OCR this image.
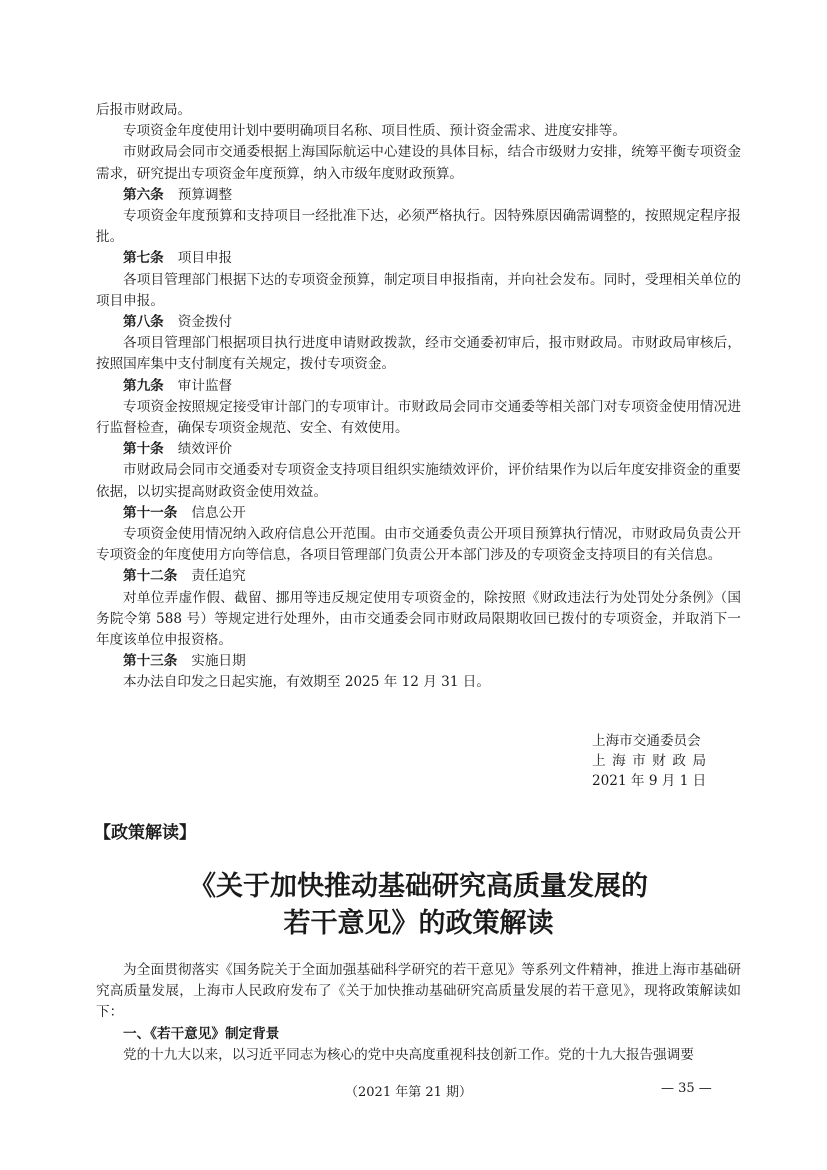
后报市财政局。

专项资金年度使用计划中要明确项目名称、项目性质、预计资金需求、进度安排等。

市财政局会同市交通委根据上海国际航运中心建设的具体目标，结合市级财力安排，统筹平衡专项资金需求，研究提出专项资金年度预算，纳入市级年度财政预算。

第六条 预算调整

专项资金年度预算和支持项目一经批准下达，必须严格执行。因特殊原因确需调整的，按照规定程序报批。

第七条 项目申报

各项目管理部门根据下达的专项资金预算，制定项目申报指南，并向社会发布。同时，受理相关单位的项目申报。

第八条 资金拨付

各项目管理部门根据项目执行进度申请财政拨款，经市交通委初审后，报市财政局。市财政局审核后，按照国库集中支付制度有关规定，拨付专项资金。

第九条 审计监督

专项资金按照规定接受审计部门的专项审计。市财政局会同市交通委等相关部门对专项资金使用情况进行监督检查，确保专项资金规范、安全、有效使用。

第十条 绩效评价

市财政局会同市交通委对专项资金支持项目组织实施绩效评价，评价结果作为以后年度安排资金的重要依据，以切实提高财政资金使用效益。

第十一条 信息公开

专项资金使用情况纳入政府信息公开范围。由市交通委负责公开项目预算执行情况，市财政局负责公开专项资金的年度使用方向等信息，各项目管理部门负责公开本部门涉及的专项资金支持项目的有关信息。

第十二条 责任追究

对单位弄虚作假、截留、挪用等违反规定使用专项资金的，除按照《财政违法行为处罚处分条例》（国务院令第 588 号）等规定进行处理外，由市交通委会同市财政局限期收回已拨付的专项资金，并取消下一年度该单位申报资格。

第十三条 实施日期

本办法自印发之日起实施，有效期至 2025 年 12 月 31 日。

上海市交通委员会
上海市财政局
2021 年 9 月 1 日
【政策解读】
《关于加快推动基础研究高质量发展的
若干意见》的政策解读

为全面贯彻落实《国务院关于全面加强基础科学研究的若干意见》等系列文件精神，推进上海市基础研究高质量发展，上海市人民政府发布了《关于加快推动基础研究高质量发展的若干意见》，现将政策解读如下：

一、《若干意见》制定背景

党的十九大以来，以习近平同志为核心的党中央高度重视科技创新工作。党的十九大报告强调要

（2021 年第 21 期）	— 35 —
